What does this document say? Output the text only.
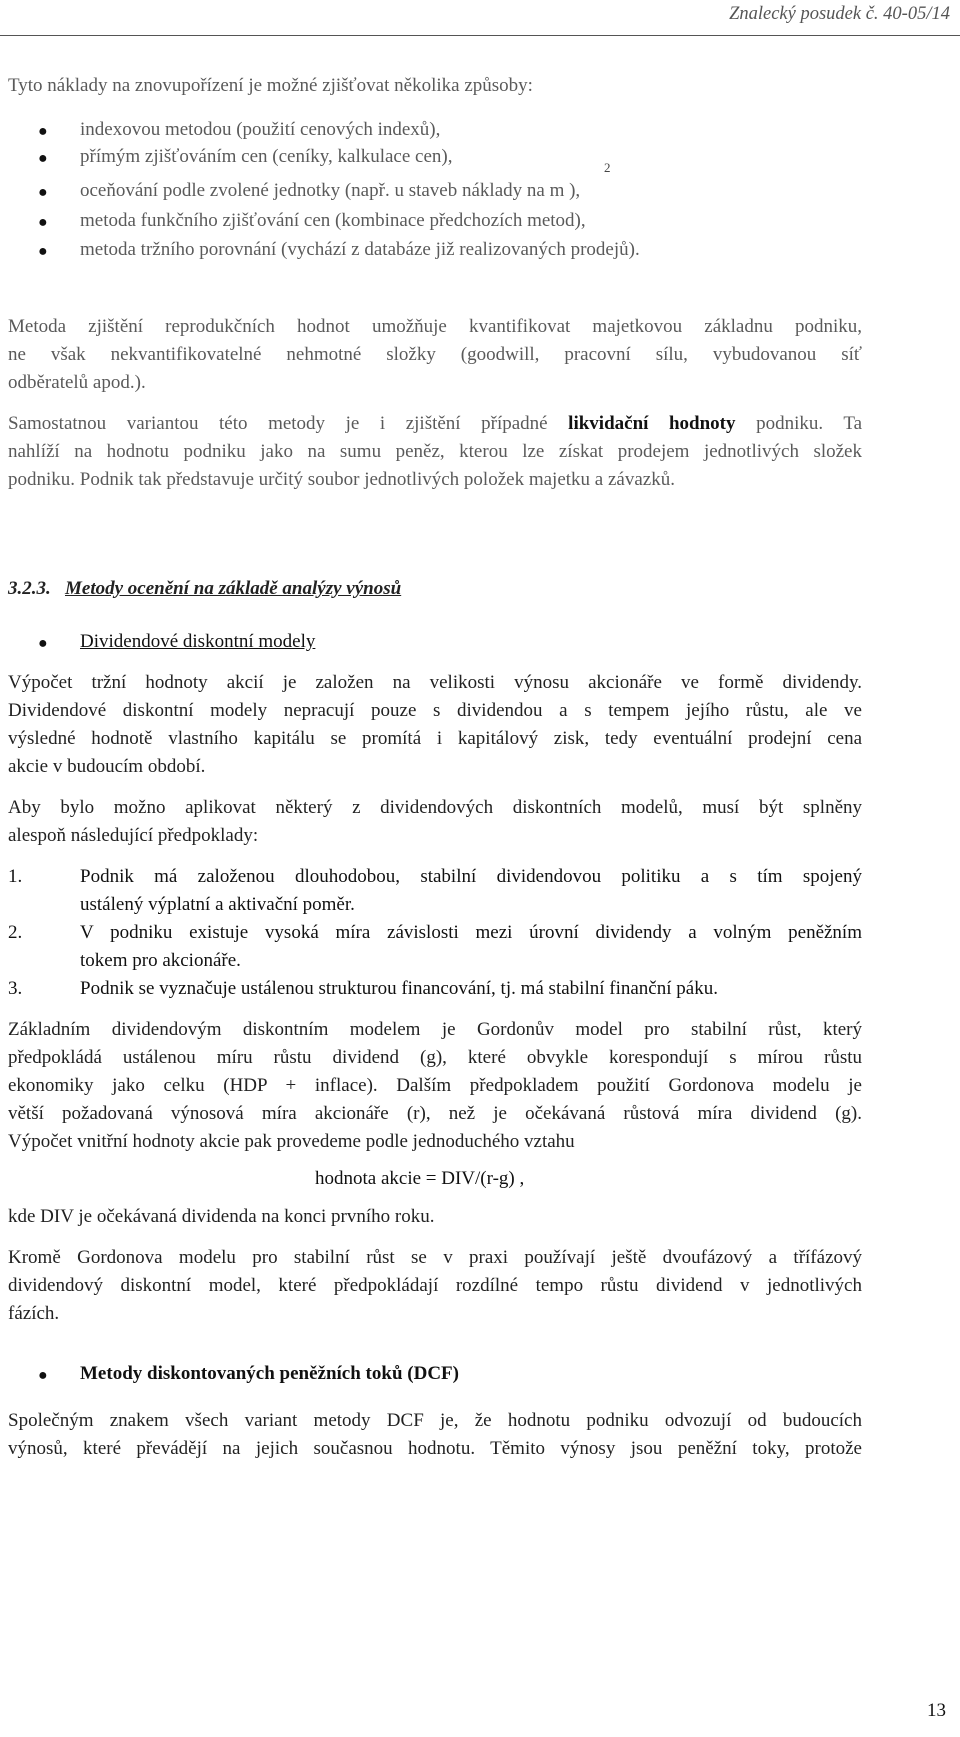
Znalecký posudek č. 40-05/14
Tyto náklady na znovupořízení je možné zjišťovat několika způsoby:
● indexovou metodou (použití cenových indexů),
● přímým zjišťováním cen (ceníky, kalkulace cen),
● oceňování podle zvolené jednotky (např. u staveb náklady na m ),
2
● metoda funkčního zjišťování cen (kombinace předchozích metod),
● metoda tržního porovnání (vychází z databáze již realizovaných prodejů).
Metoda zjištění reprodukčních hodnot umožňuje kvantifikovat majetkovou základnu podniku,
ne však nekvantifikovatelné nehmotné složky (goodwill, pracovní sílu, vybudovanou síť
odběratelů apod.).
Samostatnou variantou této metody je i zjištění případné likvidační hodnoty podniku. Ta
nahlíží na hodnotu podniku jako na sumu peněz, kterou lze získat prodejem jednotlivých složek
podniku. Podnik tak představuje určitý soubor jednotlivých položek majetku a závazků.
3.2.3. Metody ocenění na základě analýzy výnosů
● Dividendové diskontní modely
Výpočet tržní hodnoty akcií je založen na velikosti výnosu akcionáře ve formě dividendy.
Dividendové diskontní modely nepracují pouze s dividendou a s tempem jejího růstu, ale ve
výsledné hodnotě vlastního kapitálu se promítá i kapitálový zisk, tedy eventuální prodejní cena
akcie v budoucím období.
Aby bylo možno aplikovat některý z dividendových diskontních modelů, musí být splněny
alespoň následující předpoklady:
1.	Podnik má založenou dlouhodobou, stabilní dividendovou politiku a s tím spojený
ustálený výplatní a aktivační poměr.
2.	V podniku existuje vysoká míra závislosti mezi úrovní dividendy a volným peněžním
tokem pro akcionáře.
3.	Podnik se vyznačuje ustálenou strukturou financování, tj. má stabilní finanční páku.
Základním dividendovým diskontním modelem je Gordonův model pro stabilní růst, který
předpokládá ustálenou míru růstu dividend (g), které obvykle korespondují s mírou růstu
ekonomiky jako celku (HDP + inflace). Dalším předpokladem použití Gordonova modelu je
větší požadovaná výnosová míra akcionáře (r), než je očekávaná růstová míra dividend (g).
Výpočet vnitřní hodnoty akcie pak provedeme podle jednoduchého vztahu
hodnota akcie = DIV/(r-g) ,
kde DIV je očekávaná dividenda na konci prvního roku.
Kromě Gordonova modelu pro stabilní růst se v praxi používají ještě dvoufázový a třífázový
dividendový diskontní model, které předpokládají rozdílné tempo růstu dividend v jednotlivých
fázích.
● Metody diskontovaných peněžních toků (DCF)
Společným znakem všech variant metody DCF je, že hodnotu podniku odvozují od budoucích
výnosů, které převádějí na jejich současnou hodnotu. Těmito výnosy jsou peněžní toky, protože
13
